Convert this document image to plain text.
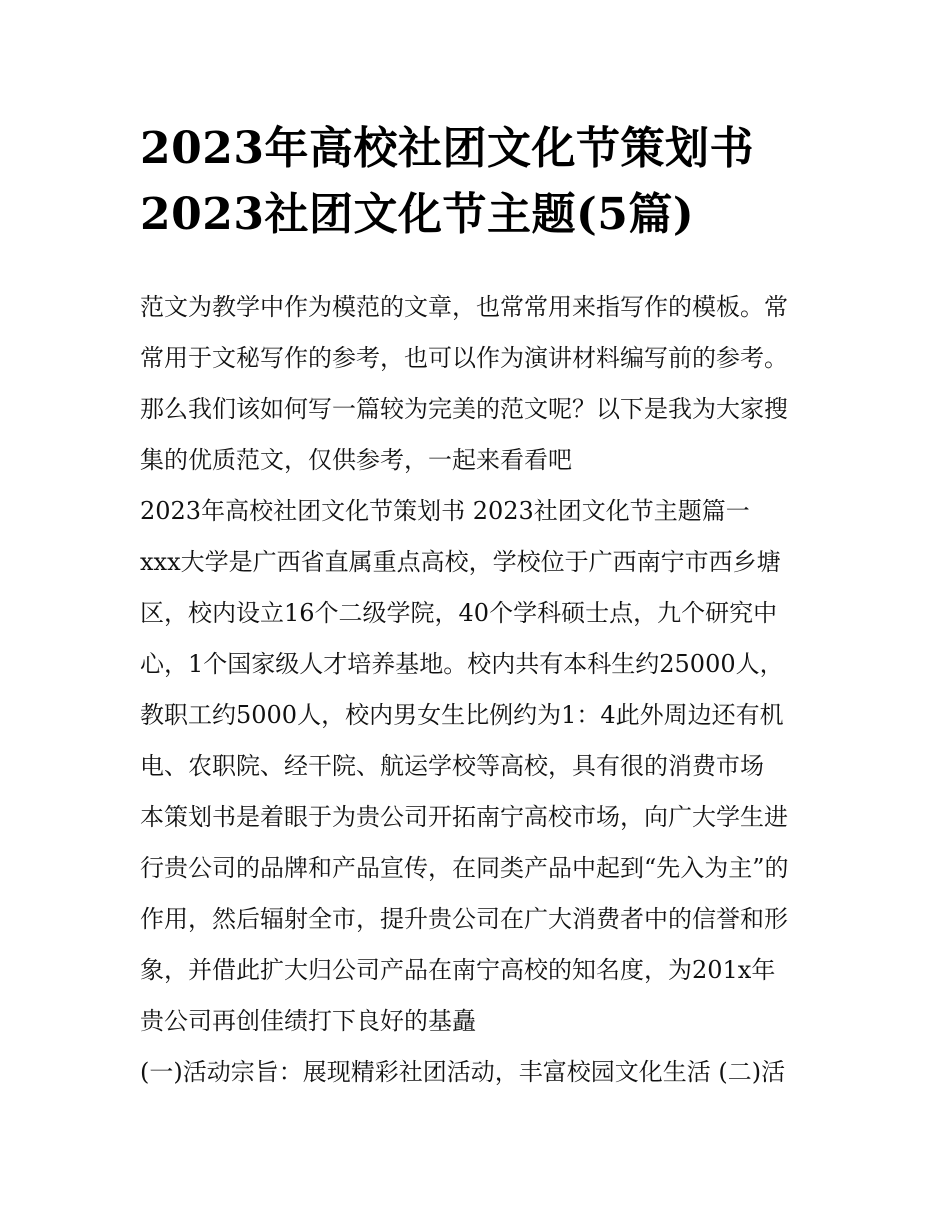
2023年高校社团文化节策划书
2023社团文化节主题(5篇)

范文为教学中作为模范的文章，也常常用来指写作的模板。常
常用于文秘写作的参考，也可以作为演讲材料编写前的参考。
那么我们该如何写一篇较为完美的范文呢？以下是我为大家搜
集的优质范文，仅供参考，一起来看看吧

2023年高校社团文化节策划书 2023社团文化节主题篇一

xxx大学是广西省直属重点高校，学校位于广西南宁市西乡塘
区，校内设立16个二级学院，40个学科硕士点，九个研究中
心，1个国家级人才培养基地。校内共有本科生约25000人，
教职工约5000人，校内男女生比例约为1：4此外周边还有机
电、农职院、经干院、航运学校等高校，具有很的消费市场

本策划书是着眼于为贵公司开拓南宁高校市场，向广大学生进
行贵公司的品牌和产品宣传，在同类产品中起到“先入为主”的
作用，然后辐射全市，提升贵公司在广大消费者中的信誉和形
象，并借此扩大归公司产品在南宁高校的知名度，为201x年
贵公司再创佳绩打下良好的基矗

(一)活动宗旨：展现精彩社团活动，丰富校园文化生活 (二)活
